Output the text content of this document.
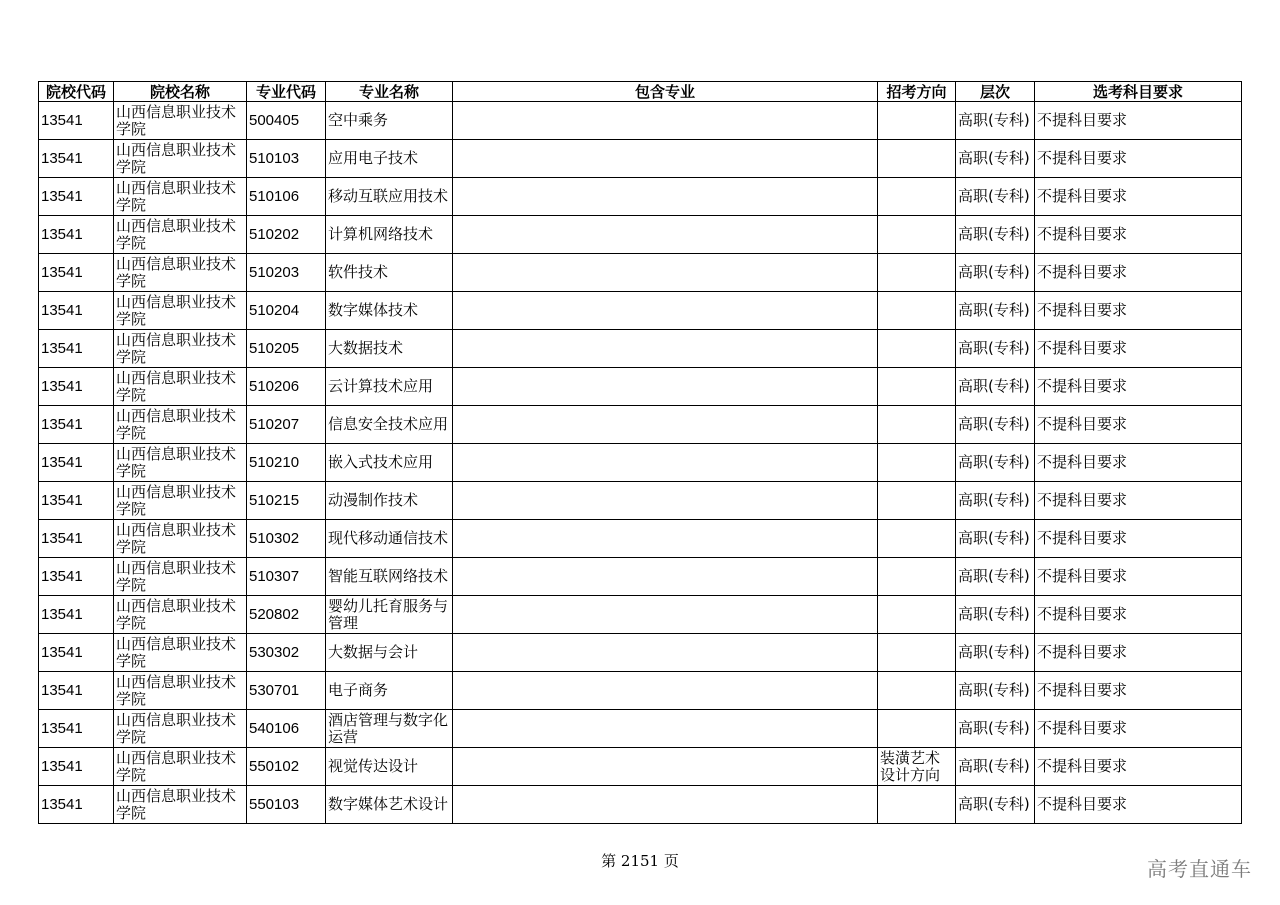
院校代码	院校名称	专业代码	专业名称	包含专业	招考方向	层次	选考科目要求
13541	山西信息职业技术学院	500405	空中乘务			高职(专科)	不提科目要求
13541	山西信息职业技术学院	510103	应用电子技术			高职(专科)	不提科目要求
13541	山西信息职业技术学院	510106	移动互联应用技术			高职(专科)	不提科目要求
13541	山西信息职业技术学院	510202	计算机网络技术			高职(专科)	不提科目要求
13541	山西信息职业技术学院	510203	软件技术			高职(专科)	不提科目要求
13541	山西信息职业技术学院	510204	数字媒体技术			高职(专科)	不提科目要求
13541	山西信息职业技术学院	510205	大数据技术			高职(专科)	不提科目要求
13541	山西信息职业技术学院	510206	云计算技术应用			高职(专科)	不提科目要求
13541	山西信息职业技术学院	510207	信息安全技术应用			高职(专科)	不提科目要求
13541	山西信息职业技术学院	510210	嵌入式技术应用			高职(专科)	不提科目要求
13541	山西信息职业技术学院	510215	动漫制作技术			高职(专科)	不提科目要求
13541	山西信息职业技术学院	510302	现代移动通信技术			高职(专科)	不提科目要求
13541	山西信息职业技术学院	510307	智能互联网络技术			高职(专科)	不提科目要求
13541	山西信息职业技术学院	520802	婴幼儿托育服务与管理			高职(专科)	不提科目要求
13541	山西信息职业技术学院	530302	大数据与会计			高职(专科)	不提科目要求
13541	山西信息职业技术学院	530701	电子商务			高职(专科)	不提科目要求
13541	山西信息职业技术学院	540106	酒店管理与数字化运营			高职(专科)	不提科目要求
13541	山西信息职业技术学院	550102	视觉传达设计		装潢艺术设计方向	高职(专科)	不提科目要求
13541	山西信息职业技术学院	550103	数字媒体艺术设计			高职(专科)	不提科目要求
第 2151 页	高考直通车
